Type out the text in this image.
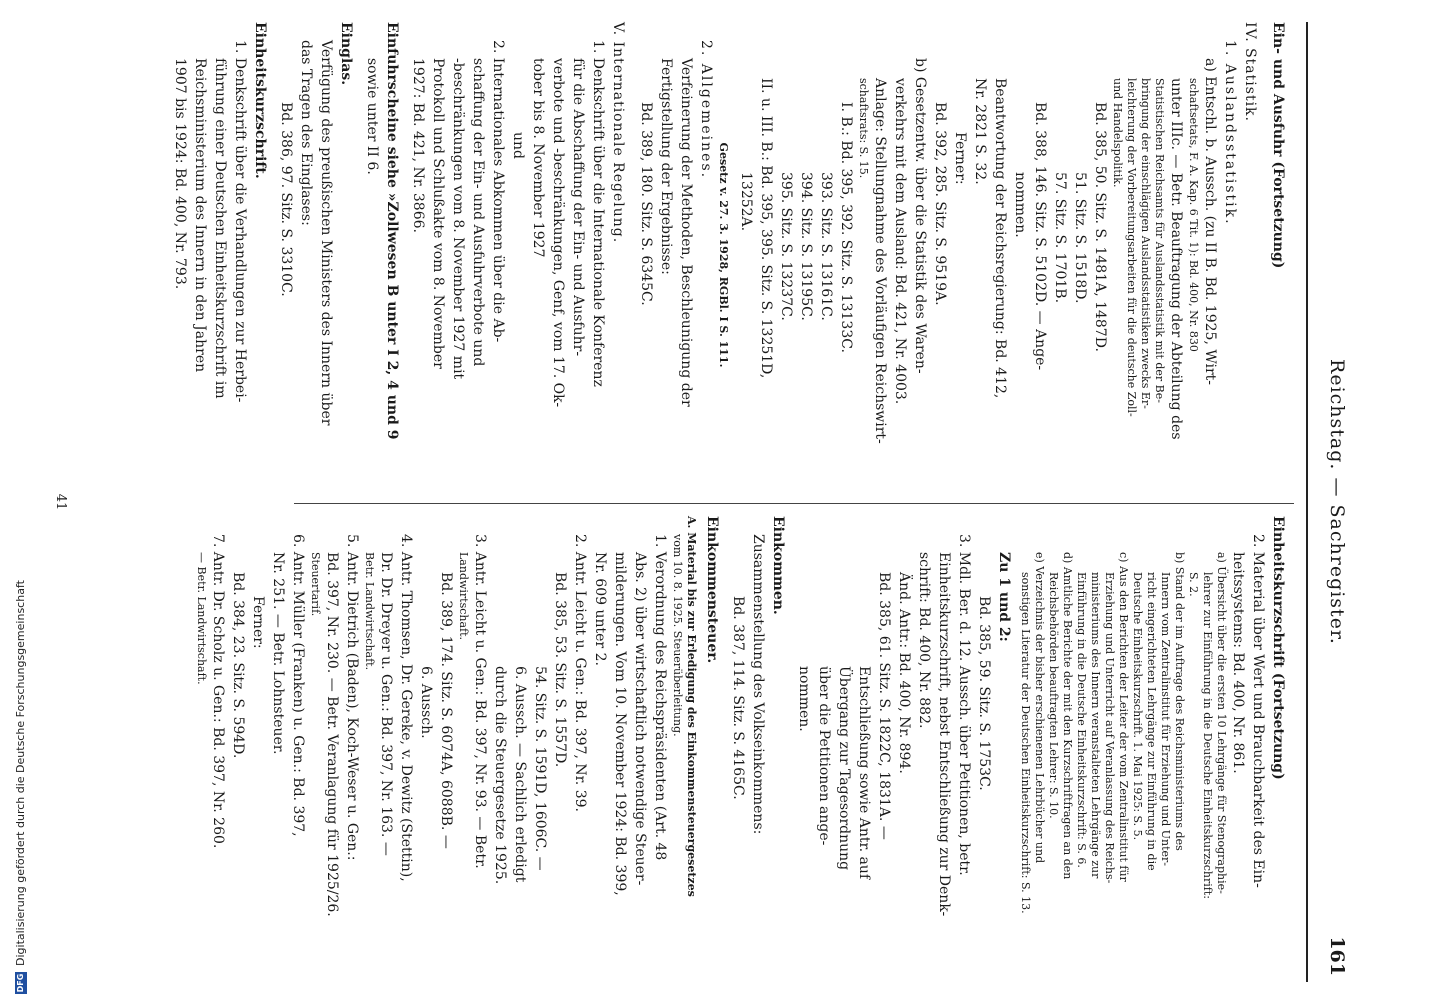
161
Reichstag. — Sachregister.
Ein- und Ausfuhr (Fortsetzung)
IV. Statistik.
1. Auslandsstatistik.
a) Entschl. b. Aussch. (zu II B. Bd. 1925, Wirt-
schaftsetats, F. A. Kap. 6 Tit. 1): Bd. 400, Nr. 830
unter IIIc. — Betr. Beauftragung der Abteilung des
Statistischen Reichsamts für Auslandsstatistik mit der Be-
bringung der einschlägigen Auslandsstatistiken zwecks Er-
leichterung der Vorbereitungsarbeiten für die deutsche Zoll-
und Handelspolitik.
Bd. 385, 50. Sitz. S. 1481A, 1487D.
51. Sitz. S. 1518D.
57. Sitz. S. 1701B.
Bd. 388, 146. Sitz. S. 5102D. — Ange-
nommen.
Beantwortung der Reichsregierung: Bd. 412,
Nr. 2821 S. 32.
Ferner:
Bd. 392, 285. Sitz. S. 9519A.
b) Gesetzentw. über die Statistik des Waren-
verkehrs mit dem Ausland: Bd. 421, Nr. 4003.
Anlage: Stellungnahme des Vorläufigen Reichswirt-
schaftsrats: S. 15.
I. B.: Bd. 395, 392. Sitz. S. 13133C.
393. Sitz. S. 13161C.
394. Sitz. S. 13195C.
395. Sitz. S. 13237C.
II. u. III. B.: Bd. 395, 395. Sitz. S. 13251D,
13252A.
Gesetz v. 27. 3. 1928, RGBl. I S. 111.
2. Allgemeines.
Verfeinerung der Methoden, Beschleunigung der
Fertigstellung der Ergebnisse:
Bd. 389, 180. Sitz. S. 6345C.
V. Internationale Regelung.
1. Denkschrift über die Internationale Konferenz
für die Abschaffung der Ein- und Ausfuhr-
verbote und -beschränkungen, Genf, vom 17. Ok-
tober bis 8. November 1927
und
2. Internationales Abkommen über die Ab-
schaffung der Ein- und Ausfuhrverbote und
-beschränkungen vom 8. November 1927 mit
Protokoll und Schlußakte vom 8. November
1927: Bd. 421, Nr. 3866.
Einfuhrscheine siehe »Zollwesen B unter I 2, 4 und 9
sowie unter II 6.
Einglas.
Verfügung des preußischen Ministers des Innern über
das Tragen des Einglases:
Bd. 386, 97. Sitz. S. 3310C.
Einheitskurzschrift.
1. Denkschrift über die Verhandlungen zur Herbei-
führung einer Deutschen Einheitskurzschrift im
Reichsministerium des Innern in den Jahren
1907 bis 1924: Bd. 400, Nr. 793.
Einheitskurzschrift (Fortsetzung)
2. Material über Wert und Brauchbarkeit des Ein-
heitssystems: Bd. 400, Nr. 861.
a) Übersicht über die ersten 10 Lehrgänge für Stenographie-
lehrer zur Einführung in die Deutsche Einheitskurzschrift:
S. 2.
b) Stand der im Auftrage des Reichsministeriums des
Innern vom Zentralinstitut für Erziehung und Unter-
richt eingerichteten Lehrgänge zur Einführung in die
Deutsche Einheitskurzschrift. 1. Mai 1925: S. 5.
c) Aus den Berichten der Leiter der vom Zentralinstitut für
Erziehung und Unterricht auf Veranlassung des Reichs-
ministeriums des Innern veranstalteten Lehrgänge zur
Einführung in die Deutsche Einheitskurzschrift: S. 6.
d) Amtliche Berichte der mit den Kurzschriftfragen an den
Reichsbehörden beauftragten Lehrer: S. 10.
e) Verzeichnis der bisher erschienenen Lehrbücher und
sonstigen Literatur der Deutschen Einheitskurzschrift: S. 13.
Zu 1 und 2:
Bd. 385, 59. Sitz. S. 1753C.
3. Mdl. Ber. d. 12. Aussch. über Petitionen, betr.
Einheitskurzschrift, nebst Entschließung zur Denk-
schrift: Bd. 400, Nr. 882.
Änd. Antr.: Bd. 400, Nr. 894.
Bd. 385, 61. Sitz. S. 1822C, 1831A. —
Entschließung sowie Antr. auf
Übergang zur Tagesordnung
über die Petitionen ange-
nommen.
Einkommen.
Zusammenstellung des Volkseinkommens:
Bd. 387, 114. Sitz. S. 4165C.
Einkommensteuer.
A. Material bis zur Erledigung des Einkommensteuergesetzes
vom 10. 8. 1925. Steuerüberleitung.
1. Verordnung des Reichspräsidenten (Art. 48
Abs. 2) über wirtschaftlich notwendige Steuer-
milderungen. Vom 10. November 1924: Bd. 399,
Nr. 609 unter 2.
2. Antr. Leicht u. Gen.: Bd. 397, Nr. 39.
Bd. 385, 53. Sitz. S. 1557D.
54. Sitz. S. 1591D, 1606C. —
6. Aussch. — Sachlich erledigt
durch die Steuergesetze 1925.
3. Antr. Leicht u. Gen.: Bd. 397, Nr. 93. — Betr.
Landwirtschaft.
Bd. 389, 174. Sitz. S. 6074A, 6088B. —
6. Aussch.
4. Antr. Thomsen, Dr. Gereke, v. Dewitz (Stettin),
Dr. Dr. Dreyer u. Gen.: Bd. 397, Nr. 163. —
Betr. Landwirtschaft.
5. Antr. Dietrich (Baden), Koch-Weser u. Gen.:
Bd. 397, Nr. 230. — Betr. Veranlagung für 1925/26.
Steuertarif.
6. Antr. Müller (Franken) u. Gen.: Bd. 397,
Nr. 251. — Betr. Lohnsteuer.
Ferner:
Bd. 384, 23. Sitz. S. 594D.
7. Antr. Dr. Scholz u. Gen.: Bd. 397, Nr. 260.
— Betr. Landwirtschaft.
41
DFG
Digitalisierung gefördert durch die Deutsche Forschungsgemeinschaft
